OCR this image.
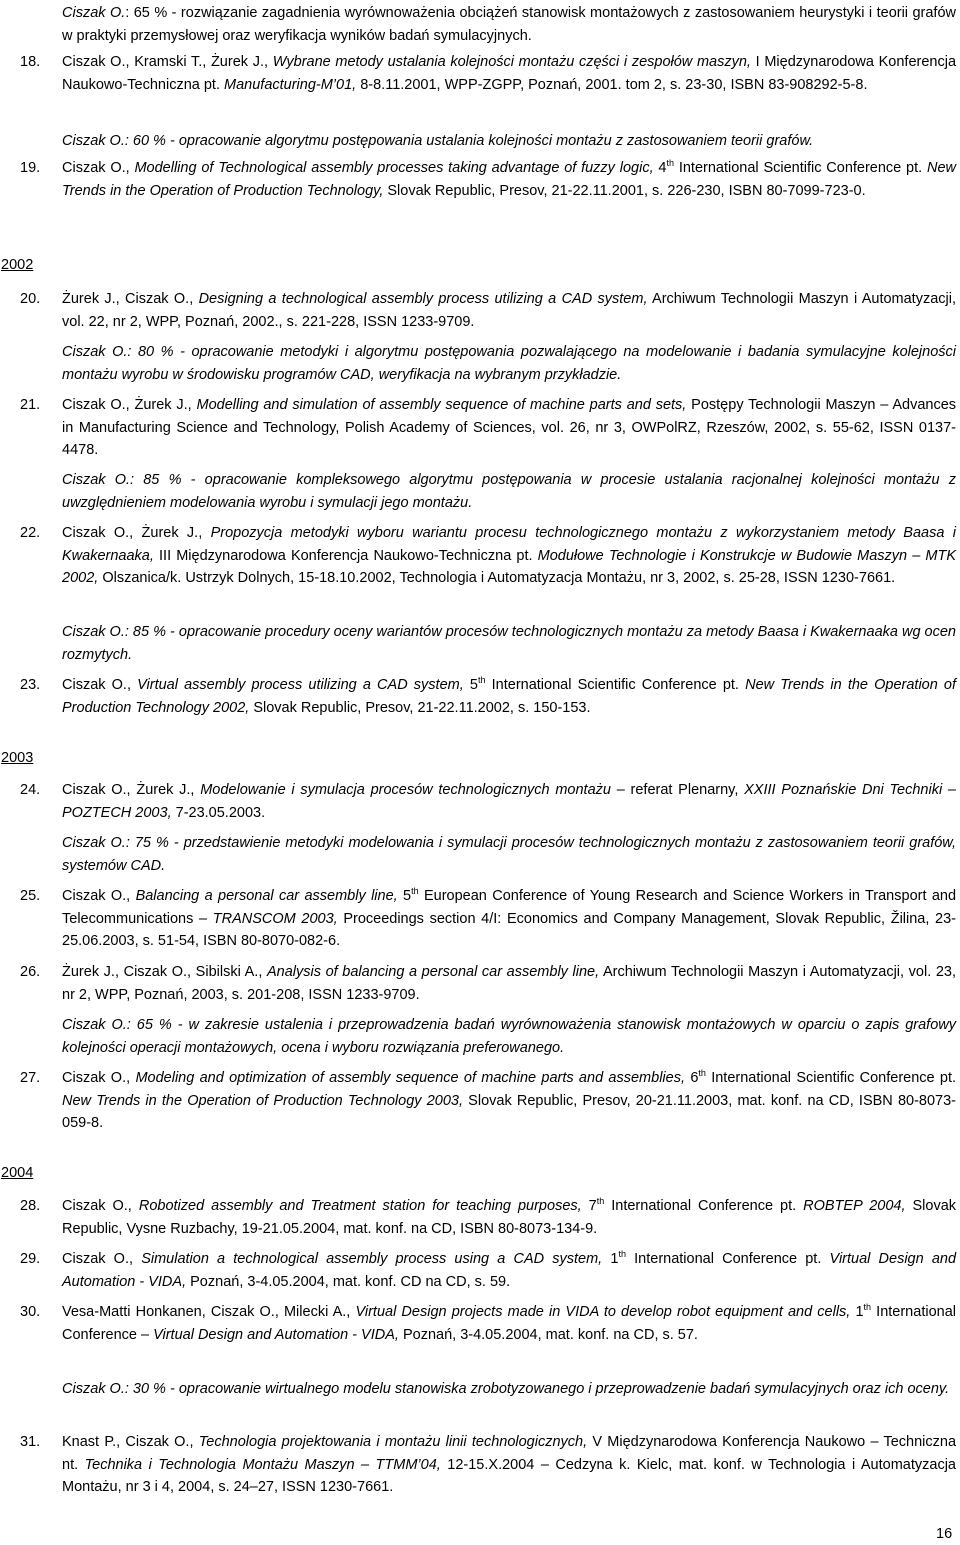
Ciszak O.: 65 % - rozwiązanie zagadnienia wyrównoważenia obciążeń stanowisk montażowych z zastosowaniem heurystyki i teorii grafów w praktyki przemysłowej oraz weryfikacja wyników badań symulacyjnych.
18. Ciszak O., Kramski T., Żurek J., Wybrane metody ustalania kolejności montażu części i zespołów maszyn, I Międzynarodowa Konferencja Naukowo-Techniczna pt. Manufacturing-M’01, 8-8.11.2001, WPP-ZGPP, Poznań, 2001. tom 2, s. 23-30, ISBN 83-908292-5-8.
Ciszak O.: 60 % - opracowanie algorytmu postępowania ustalania kolejności montażu z zastosowaniem teorii grafów.
19. Ciszak O., Modelling of Technological assembly processes taking advantage of fuzzy logic, 4th International Scientific Conference pt. New Trends in the Operation of Production Technology, Slovak Republic, Presov, 21-22.11.2001, s. 226-230, ISBN 80-7099-723-0.
2002
20. Żurek J., Ciszak O., Designing a technological assembly process utilizing a CAD system, Archiwum Technologii Maszyn i Automatyzacji, vol. 22, nr 2, WPP, Poznań, 2002., s. 221-228, ISSN 1233-9709.
Ciszak O.: 80 % - opracowanie metodyki i algorytmu postępowania pozwalającego na modelowanie i badania symulacyjne kolejności montażu wyrobu w środowisku programów CAD, weryfikacja na wybranym przykładzie.
21. Ciszak O., Żurek J., Modelling and simulation of assembly sequence of machine parts and sets, Postępy Technologii Maszyn – Advances in Manufacturing Science and Technology, Polish Academy of Sciences, vol. 26, nr 3, OWPolRZ, Rzeszów, 2002, s. 55-62, ISSN 0137-4478.
Ciszak O.: 85 % - opracowanie kompleksowego algorytmu postępowania w procesie ustalania racjonalnej kolejności montażu z uwzględnieniem modelowania wyrobu i symulacji jego montażu.
22. Ciszak O., Żurek J., Propozycja metodyki wyboru wariantu procesu technologicznego montażu z wykorzystaniem metody Baasa i Kwakernaaka, III Międzynarodowa Konferencja Naukowo-Techniczna pt. Modułowe Technologie i Konstrukcje w Budowie Maszyn – MTK 2002, Olszanica/k. Ustrzyk Dolnych, 15-18.10.2002, Technologia i Automatyzacja Montażu, nr 3, 2002, s. 25-28, ISSN 1230-7661.
Ciszak O.: 85 % - opracowanie procedury oceny wariantów procesów technologicznych montażu za metody Baasa i Kwakernaaka wg ocen rozmytych.
23. Ciszak O., Virtual assembly process utilizing a CAD system, 5th International Scientific Conference pt. New Trends in the Operation of Production Technology 2002, Slovak Republic, Presov, 21-22.11.2002, s. 150-153.
2003
24. Ciszak O., Żurek J., Modelowanie i symulacja procesów technologicznych montażu – referat Plenarny, XXIII Poznańskie Dni Techniki – POZTECH 2003, 7-23.05.2003.
Ciszak O.: 75 % - przedstawienie metodyki modelowania i symulacji procesów technologicznych montażu z zastosowaniem teorii grafów, systemów CAD.
25. Ciszak O., Balancing a personal car assembly line, 5th European Conference of Young Research and Science Workers in Transport and Telecommunications – TRANSCOM 2003, Proceedings section 4/I: Economics and Company Management, Slovak Republic, Žilina, 23-25.06.2003, s. 51-54, ISBN 80-8070-082-6.
26. Żurek J., Ciszak O., Sibilski A., Analysis of balancing a personal car assembly line, Archiwum Technologii Maszyn i Automatyzacji, vol. 23, nr 2, WPP, Poznań, 2003, s. 201-208, ISSN 1233-9709.
Ciszak O.: 65 % - w zakresie ustalenia i przeprowadzenia badań wyrównoważenia stanowisk montażowych w oparciu o zapis grafowy kolejności operacji montażowych, ocena i wyboru rozwiązania preferowanego.
27. Ciszak O., Modeling and optimization of assembly sequence of machine parts and assemblies, 6th International Scientific Conference pt. New Trends in the Operation of Production Technology 2003, Slovak Republic, Presov, 20-21.11.2003, mat. konf. na CD, ISBN 80-8073-059-8.
2004
28. Ciszak O., Robotized assembly and Treatment station for teaching purposes, 7th International Conference pt. ROBTEP 2004, Slovak Republic, Vysne Ruzbachy, 19-21.05.2004, mat. konf. na CD, ISBN 80-8073-134-9.
29. Ciszak O., Simulation a technological assembly process using a CAD system, 1th International Conference pt. Virtual Design and Automation - VIDA, Poznań, 3-4.05.2004, mat. konf. CD na CD, s. 59.
30. Vesa-Matti Honkanen, Ciszak O., Milecki A., Virtual Design projects made in VIDA to develop robot equipment and cells, 1th International Conference – Virtual Design and Automation - VIDA, Poznań, 3-4.05.2004, mat. konf. na CD, s. 57.
Ciszak O.: 30 % - opracowanie wirtualnego modelu stanowiska zrobotyzowanego i przeprowadzenie badań symulacyjnych oraz ich oceny.
31. Knast P., Ciszak O., Technologia projektowania i montażu linii technologicznych, V Międzynarodowa Konferencja Naukowo – Techniczna nt. Technika i Technologia Montażu Maszyn – TTMM’04, 12-15.X.2004 – Cedzyna k. Kielc, mat. konf. w Technologia i Automatyzacja Montażu, nr 3 i 4, 2004, s. 24–27, ISSN 1230-7661.
16
